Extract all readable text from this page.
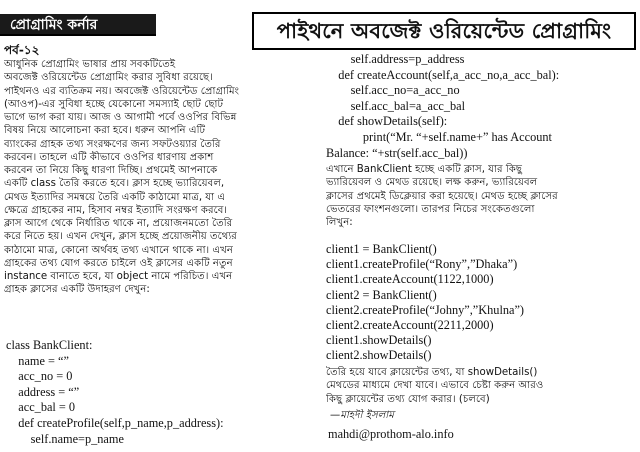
প্রোগ্রামিং কর্নার	পাইথনে অবজেক্ট ওরিয়েন্টেড প্রোগ্রামিং
পর্ব-১২
আধুনিক প্রোগ্রামিং ভাষার প্রায় সবকটিতেই
অবজেক্ট ওরিয়েন্টেড প্রোগ্রামিং করার সুবিধা রয়েছে।
পাইথনও এর ব্যতিক্রম নয়। অবজেক্ট ওরিয়েন্টেড প্রোগ্রামিং
(আওপ)-এর সুবিধা হচ্ছে যেকোনো সমস্যাই ছোট ছোট
ভাগে ভাগ করা যায়। আজ ও আগামী পর্বে ওওপির বিভিন্ন
বিষয় নিয়ে আলোচনা করা হবে। ধরুন আপনি এটি
ব্যাংকের গ্রাহক তথ্য সংরক্ষণের জন্য সফটওয়্যার তৈরি
করবেন। তাহলে এটি কীভাবে ওওপির ধারণায় প্রকাশ
করবেন তা নিয়ে কিছু ধারণা দিচ্ছি। প্রথমেই আপনাকে
একটি class তৈরি করতে হবে। ক্লাস হচ্ছে ভ্যারিয়েবল,
মেথড ইত্যাদির সমন্বয়ে তৈরি একটি কাঠামো মাত্র, যা এ
ক্ষেত্রে গ্রাহকের নাম, হিসাব নম্বর ইত্যাদি সংরক্ষণ করবে।
ক্লাস আগে থেকে নির্ধারিত থাকে না, প্রয়োজনমতো তৈরি
করে নিতে হয়। এখন দেখুন, ক্লাস হচ্ছে প্রয়োজনীয় তথ্যের
কাঠামো মাত্র, কোনো অর্থবহ তথ্য এখানে থাকে না। এখন
গ্রাহকের তথ্য যোগ করতে চাইলে ওই ক্লাসের একটি নতুন
instance বানাতে হবে, যা object নামে পরিচিত। এখন
গ্রাহক ক্লাসের একটি উদাহরণ দেখুন:
class BankClient:
name = “”
acc_no = 0
address = “”
acc_bal = 0
def createProfile(self,p_name,p_address):
self.name=p_name
self.address=p_address
def createAccount(self,a_acc_no,a_acc_bal):
self.acc_no=a_acc_no
self.acc_bal=a_acc_bal
def showDetails(self):
print(“Mr. “+self.name+” has Account
Balance: “+str(self.acc_bal))
এখানে BankClient হচ্ছে একটি ক্লাস, যার কিছু
ভ্যারিয়েবল ও মেথড রয়েছে। লক্ষ করুন, ভ্যারিয়েবল
ক্লাসের প্রথমেই ডিক্লেয়ার করা হয়েছে। মেথড হচ্ছে ক্লাসের
ভেতরের ফাংশনগুলো। তারপর নিচের সংকেতগুলো
লিখুন:
client1 = BankClient()
client1.createProfile(“Rony”,”Dhaka”)
client1.createAccount(1122,1000)
client2 = BankClient()
client2.createProfile(“Johny”,”Khulna”)
client2.createAccount(2211,2000)
client1.showDetails()
client2.showDetails()
তৈরি হয়ে যাবে ক্লায়েন্টের তথ্য, যা showDetails()
মেথডের মাধ্যমে দেখা যাবে। এভাবে চেষ্টা করুন আরও
কিছু ক্লায়েন্টের তথ্য যোগ করার। (চলবে)
—মাহদী ইসলাম
mahdi@prothom-alo.info
